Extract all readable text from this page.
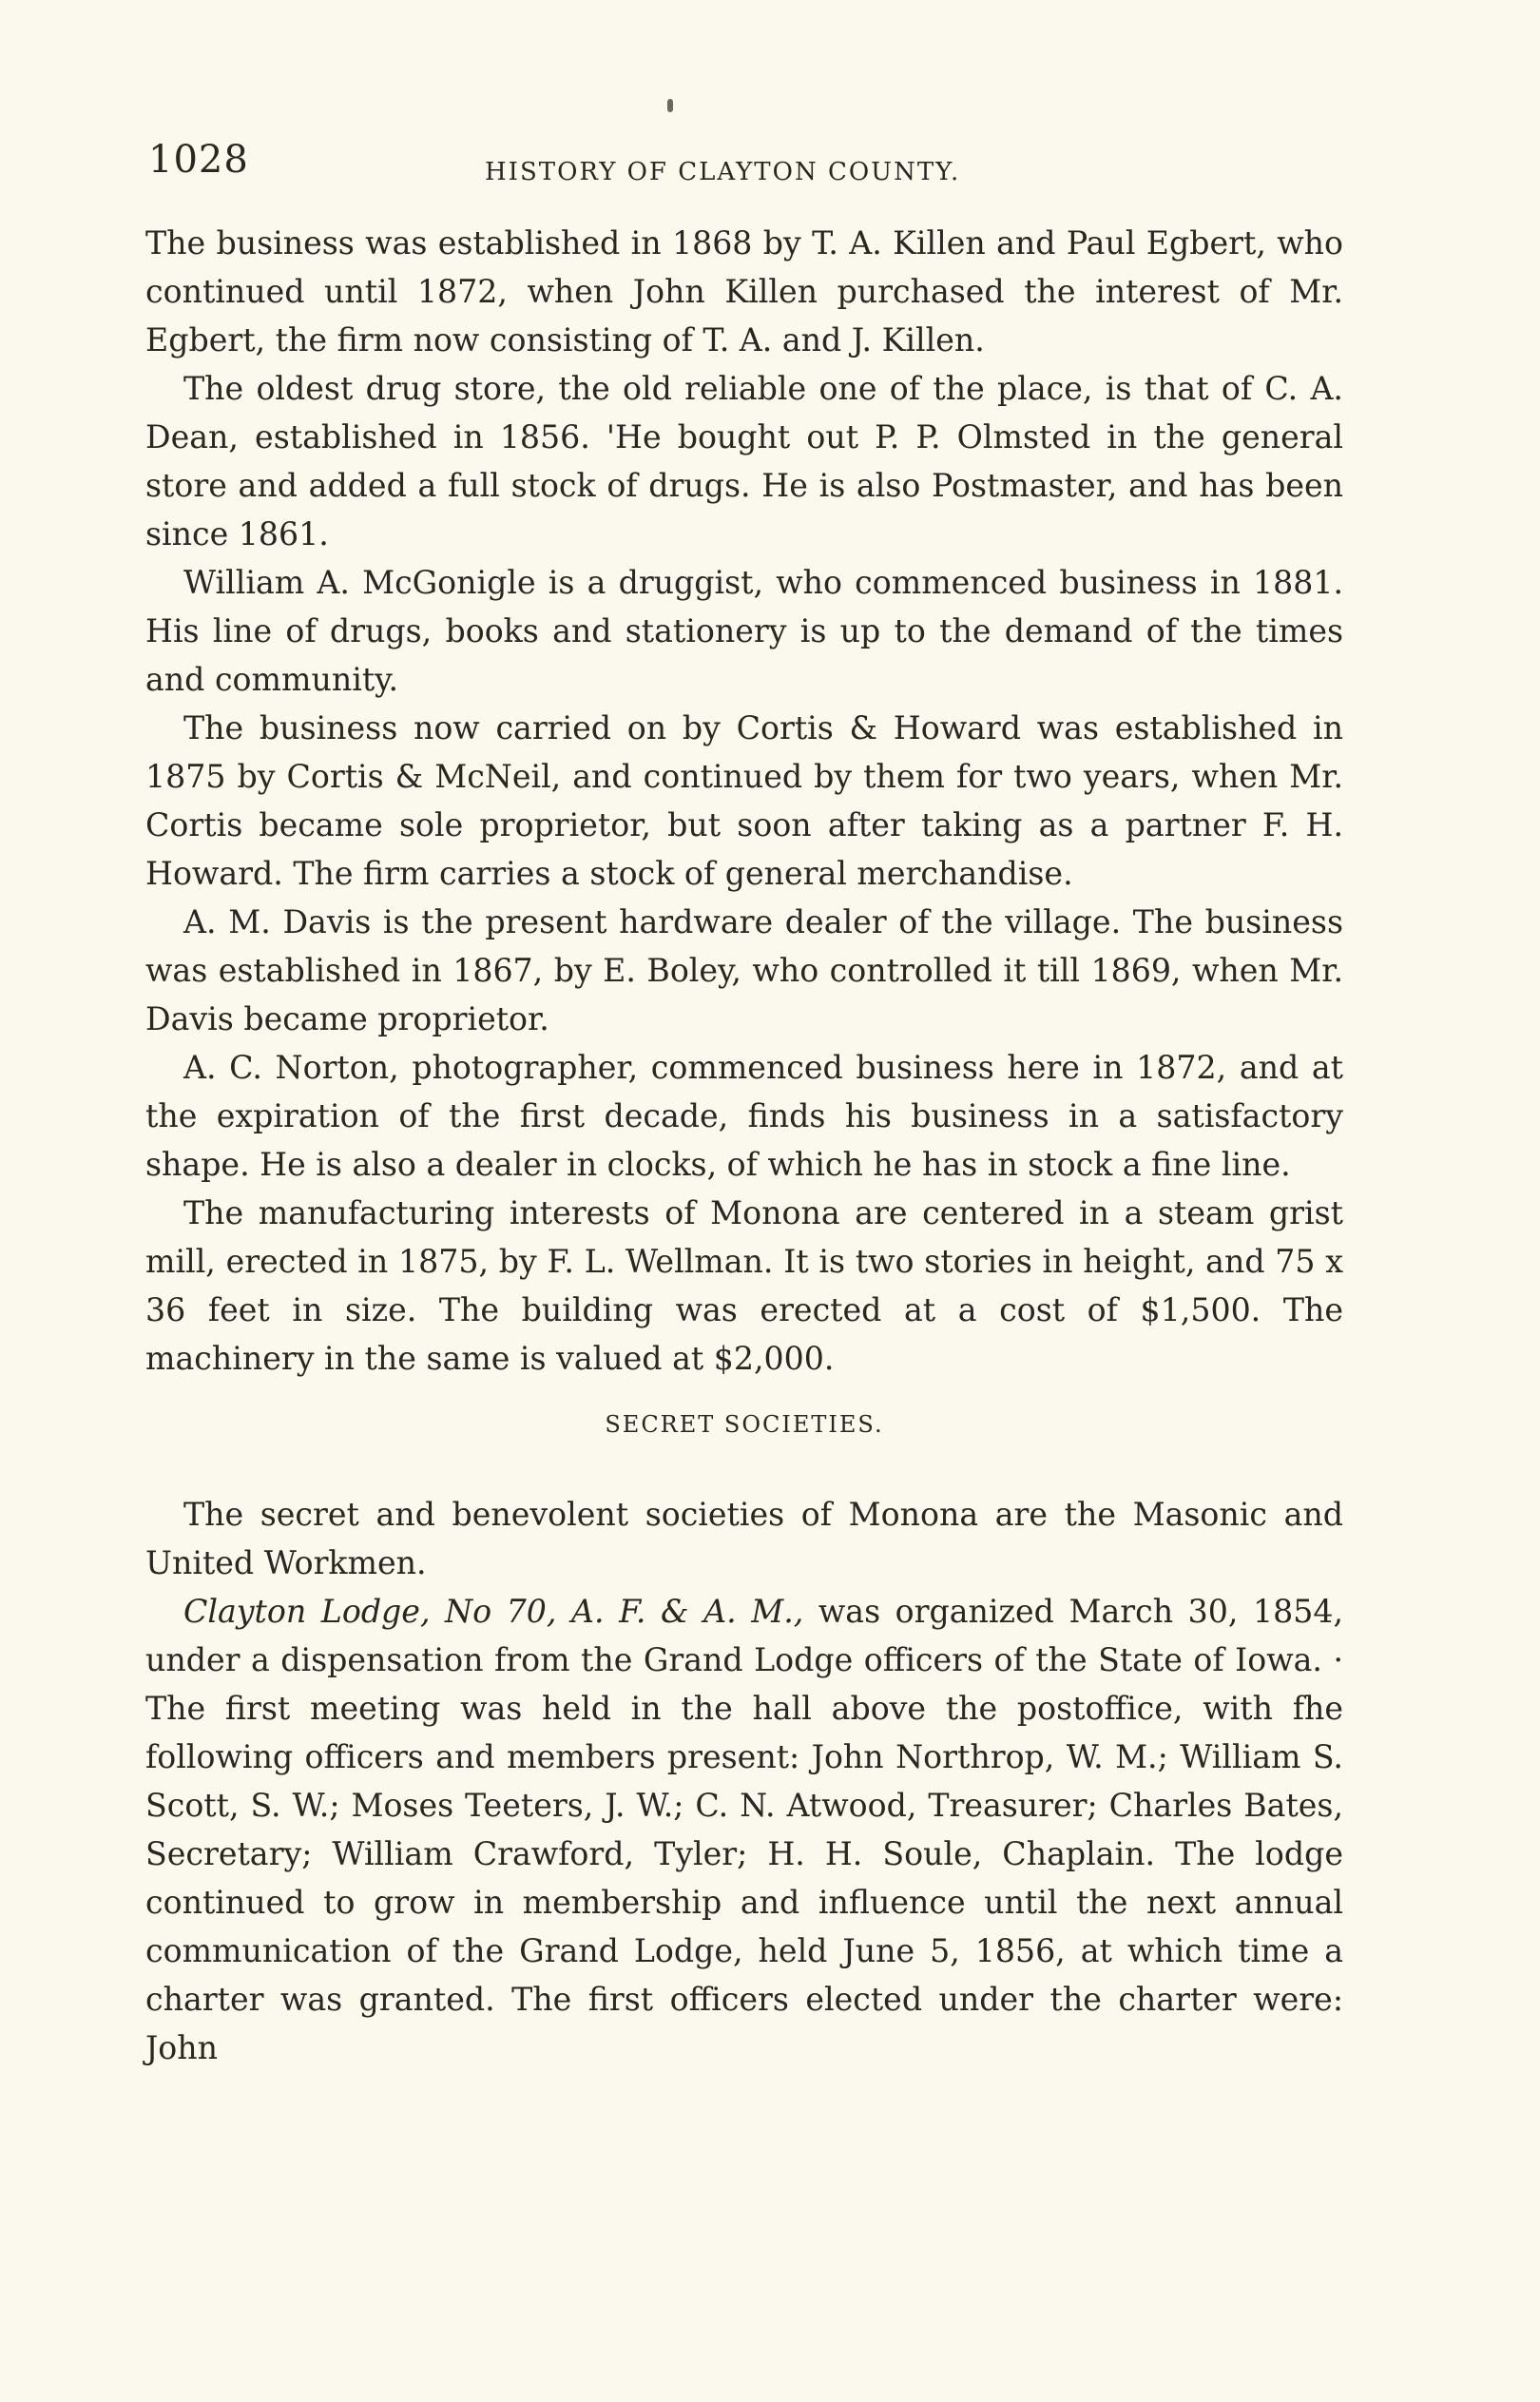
1028	HISTORY OF CLAYTON COUNTY.

The business was established in 1868 by T. A. Killen and Paul Egbert, who continued until 1872, when John Killen purchased the interest of Mr. Egbert, the firm now consisting of T. A. and J. Killen.

The oldest drug store, the old reliable one of the place, is that of C. A. Dean, established in 1856. 'He bought out P. P. Olmsted in the general store and added a full stock of drugs. He is also Postmaster, and has been since 1861.

William A. McGonigle is a druggist, who commenced business in 1881. His line of drugs, books and stationery is up to the demand of the times and community.

The business now carried on by Cortis & Howard was established in 1875 by Cortis & McNeil, and continued by them for two years, when Mr. Cortis became sole proprietor, but soon after taking as a partner F. H. Howard. The firm carries a stock of general merchandise.

A. M. Davis is the present hardware dealer of the village. The business was established in 1867, by E. Boley, who controlled it till 1869, when Mr. Davis became proprietor.

A. C. Norton, photographer, commenced business here in 1872, and at the expiration of the first decade, finds his business in a satisfactory shape. He is also a dealer in clocks, of which he has in stock a fine line.

The manufacturing interests of Monona are centered in a steam grist mill, erected in 1875, by F. L. Wellman. It is two stories in height, and 75 x 36 feet in size. The building was erected at a cost of $1,500. The machinery in the same is valued at $2,000.

SECRET SOCIETIES.

The secret and benevolent societies of Monona are the Masonic and United Workmen.

Clayton Lodge, No 70, A. F. & A. M., was organized March 30, 1854, under a dispensation from the Grand Lodge officers of the State of Iowa. · The first meeting was held in the hall above the postoffice, with fhe following officers and members present: John Northrop, W. M.; William S. Scott, S. W.; Moses Teeters, J. W.; C. N. Atwood, Treasurer; Charles Bates, Secretary; William Crawford, Tyler; H. H. Soule, Chaplain. The lodge continued to grow in membership and influence until the next annual communication of the Grand Lodge, held June 5, 1856, at which time a charter was granted. The first officers elected under the charter were: John
